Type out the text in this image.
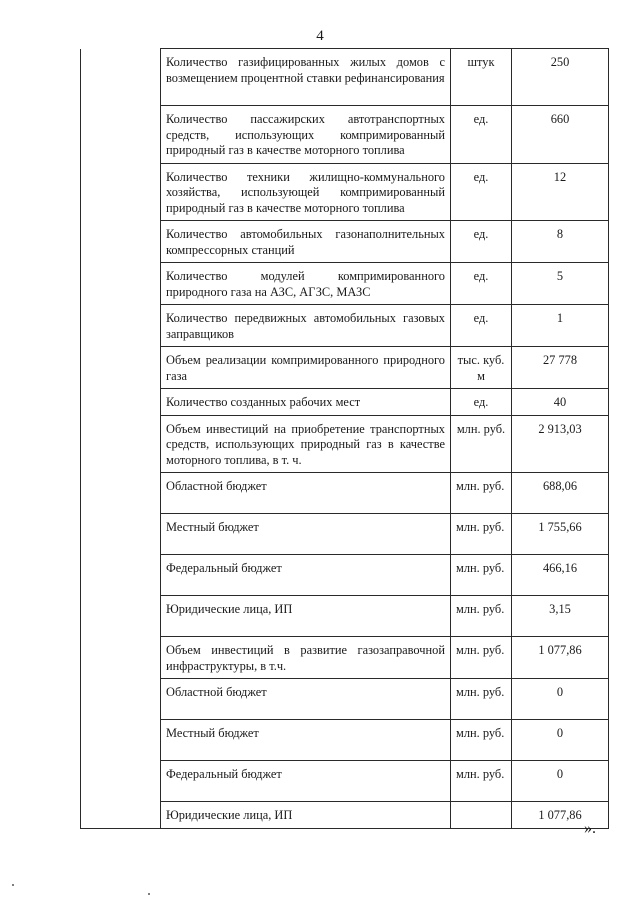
4
	Количество газифицированных жилых домов с возмещением процентной ставки рефинансирования	штук	250
	Количество пассажирских автотранспортных средств, использующих компримированный природный газ в качестве моторного топлива	ед.	660
	Количество техники жилищно-коммунального хозяйства, использующей компримированный природный газ в качестве моторного топлива	ед.	12
	Количество автомобильных газонаполнительных компрессорных станций	ед.	8
	Количество модулей компримированного природного газа на АЗС, АГЗС, МАЗС	ед.	5
	Количество передвижных автомобильных газовых заправщиков	ед.	1
	Объем реализации компримированного природного газа	тыс. куб. м	27 778
	Количество созданных рабочих мест	ед.	40
	Объем инвестиций на приобретение транспортных средств, использующих природный газ в качестве моторного топлива, в т. ч.	млн. руб.	2 913,03
	Областной бюджет	млн. руб.	688,06
	Местный бюджет	млн. руб.	1 755,66
	Федеральный бюджет	млн. руб.	466,16
	Юридические лица, ИП	млн. руб.	3,15
	Объем инвестиций в развитие газозаправочной инфраструктуры, в т.ч.	млн. руб.	1 077,86
	Областной бюджет	млн. руб.	0
	Местный бюджет	млн. руб.	0
	Федеральный бюджет	млн. руб.	0
	Юридические лица, ИП		1 077,86
».
